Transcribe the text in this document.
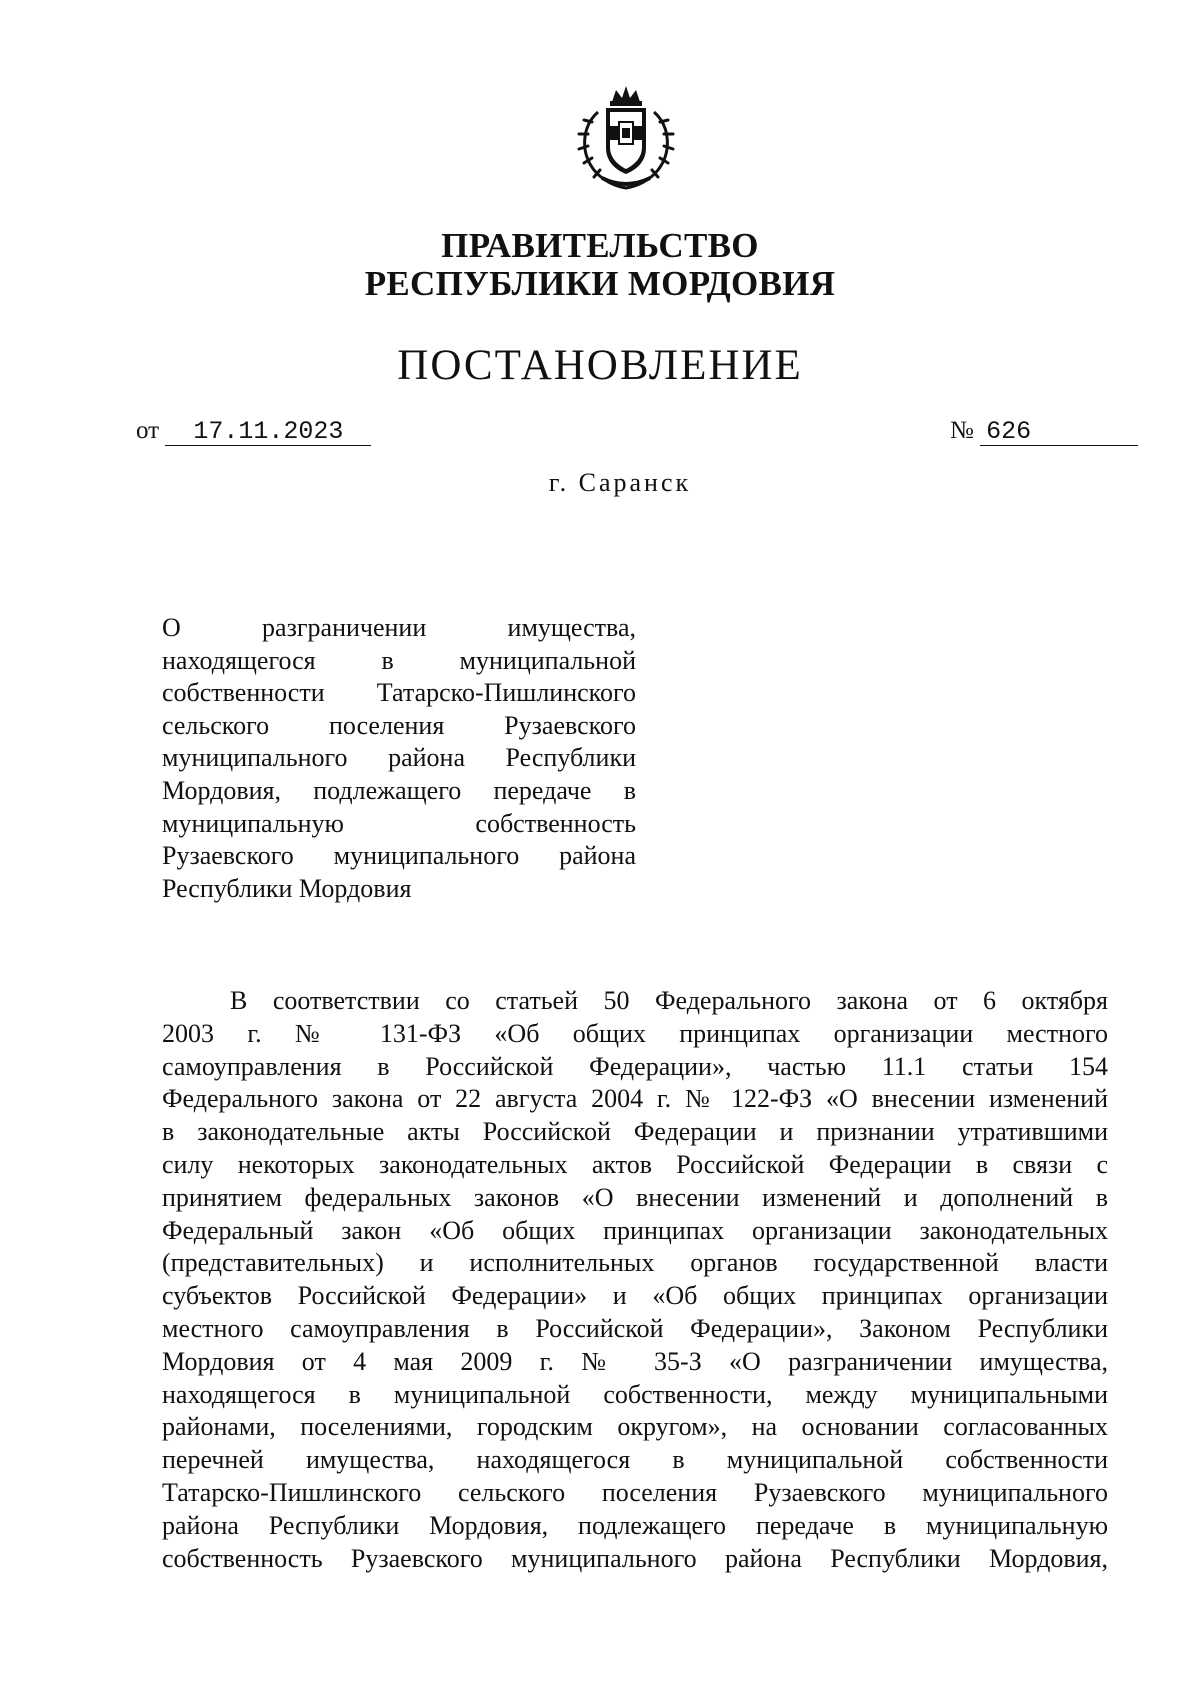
ПРАВИТЕЛЬСТВО
РЕСПУБЛИКИ МОРДОВИЯ
ПОСТАНОВЛЕНИЕ
от 17.11.2023	№ 626
г. Саранск
О разграничении имущества,
находящегося в муниципальной
собственности Татарско-Пишлинского
сельского поселения Рузаевского
муниципального района Республики
Мордовия, подлежащего передаче в
муниципальную собственность
Рузаевского муниципального района
Республики Мордовия
В соответствии со статьей 50 Федерального закона от 6 октября
2003 г. № 131-ФЗ «Об общих принципах организации местного
самоуправления в Российской Федерации», частью 11.1 статьи 154
Федерального закона от 22 августа 2004 г. № 122-ФЗ «О внесении изменений
в законодательные акты Российской Федерации и признании утратившими
силу некоторых законодательных актов Российской Федерации в связи с
принятием федеральных законов «О внесении изменений и дополнений в
Федеральный закон «Об общих принципах организации законодательных
(представительных) и исполнительных органов государственной власти
субъектов Российской Федерации» и «Об общих принципах организации
местного самоуправления в Российской Федерации», Законом Республики
Мордовия от 4 мая 2009 г. № 35-З «О разграничении имущества,
находящегося в муниципальной собственности, между муниципальными
районами, поселениями, городским округом», на основании согласованных
перечней имущества, находящегося в муниципальной собственности
Татарско-Пишлинского сельского поселения Рузаевского муниципального
района Республики Мордовия, подлежащего передаче в муниципальную
собственность Рузаевского муниципального района Республики Мордовия,
